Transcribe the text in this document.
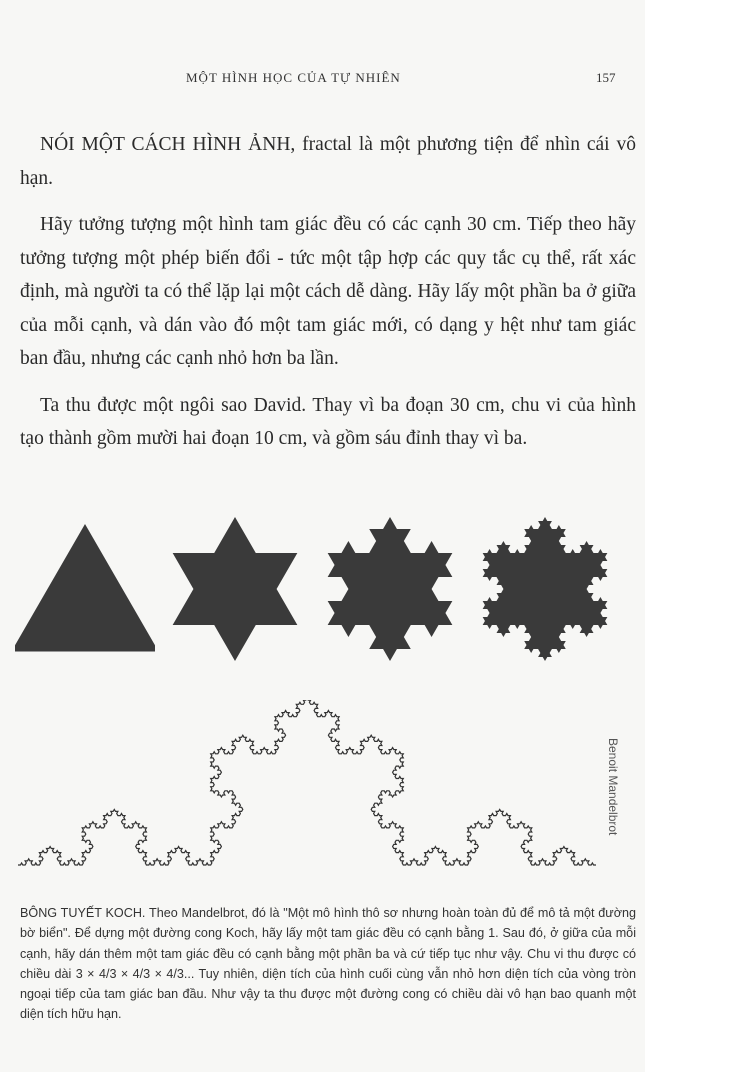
MỘT HÌNH HỌC CỦA TỰ NHIÊN	157

NÓI MỘT CÁCH HÌNH ẢNH, fractal là một phương tiện để nhìn cái vô hạn.

Hãy tưởng tượng một hình tam giác đều có các cạnh 30 cm. Tiếp theo hãy tưởng tượng một phép biến đổi - tức một tập hợp các quy tắc cụ thể, rất xác định, mà người ta có thể lặp lại một cách dễ dàng. Hãy lấy một phần ba ở giữa của mỗi cạnh, và dán vào đó một tam giác mới, có dạng y hệt như tam giác ban đầu, nhưng các cạnh nhỏ hơn ba lần.

Ta thu được một ngôi sao David. Thay vì ba đoạn 30 cm, chu vi của hình tạo thành gồm mười hai đoạn 10 cm, và gồm sáu đỉnh thay vì ba.

Benoit Mandelbrot
BÔNG TUYẾT KOCH. Theo Mandelbrot, đó là "Một mô hình thô sơ nhưng hoàn toàn đủ để mô tả một đường bờ biển". Để dựng một đường cong Koch, hãy lấy một tam giác đều có cạnh bằng 1. Sau đó, ở giữa của mỗi cạnh, hãy dán thêm một tam giác đều có cạnh bằng một phần ba và cứ tiếp tục như vậy. Chu vi thu được có chiều dài 3 × 4/3 × 4/3 × 4/3... Tuy nhiên, diện tích của hình cuối cùng vẫn nhỏ hơn diện tích của vòng tròn ngoại tiếp của tam giác ban đầu. Như vậy ta thu được một đường cong có chiều dài vô hạn bao quanh một diện tích hữu hạn.
